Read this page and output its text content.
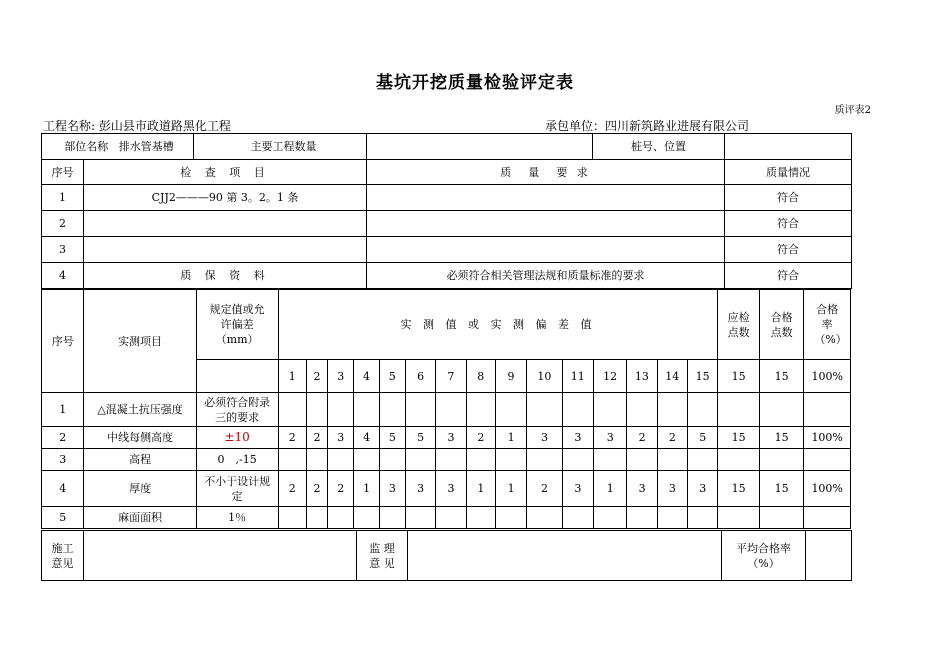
基坑开挖质量检验评定表
质评表2
工程名称: 彭山县市政道路黑化工程	承包单位：四川新筑路业进展有限公司
部位名称 排水管基槽		主要工程数量		桩号、位置	
序号	检 查 项 目		质　量　要 求		质量情况
1	CJJ2———90 第 3。2。1 条				符合
2					符合
3					符合
4	质 保 资 料		必须符合相关管理法规和质量标准的要求		符合
序号	实测项目	规定值或允许偏差（mm）	实 测 值 或 实 测 偏 差 值															应检点数	合格点数	合格率（%）
			1	2	3	4	5	6	7	8	9	10	11	12	13	14	15	15	15	100%
1	△混凝土抗压强度	必须符合附录三的要求																		
2	中线每侧高度	±10	2	2	3	4	5	5	3	2	1	3	3	3	2	2	5	15	15	100%
3	高程	0　,-15																		
4	厚度	不小于设计规定	2	2	2	1	3	3	3	1	1	2	3	1	3	3	3	15	15	100%
5	麻面面积	1％																		
施工意见		监 理意 见		平均合格率（%）	
